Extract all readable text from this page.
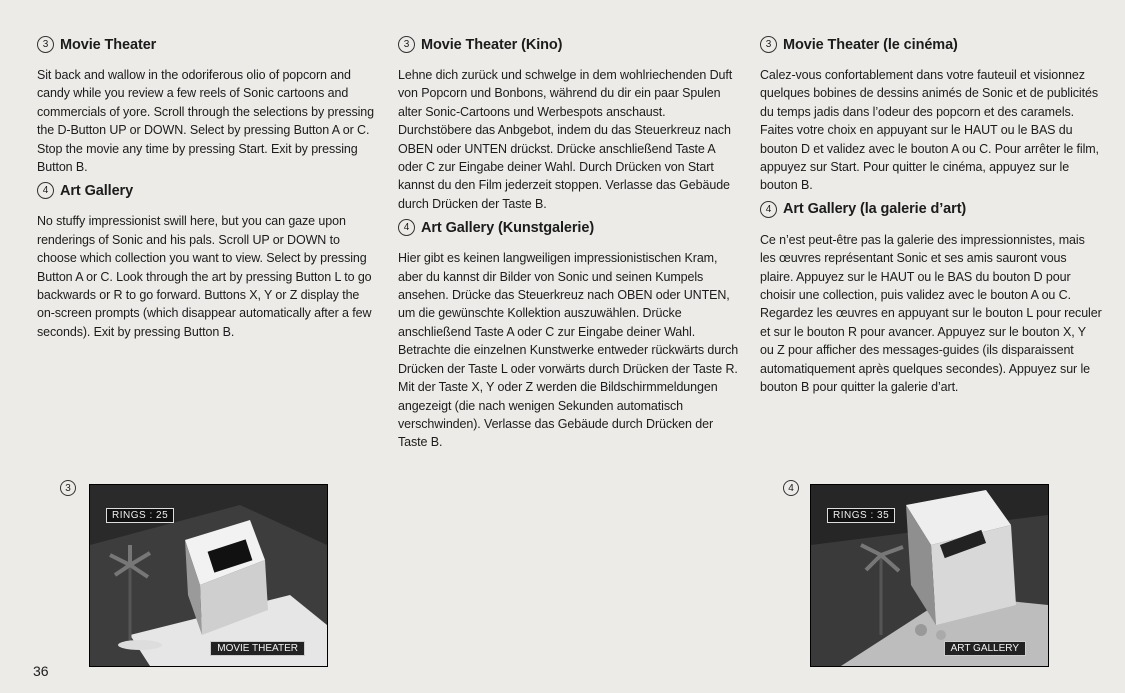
3 Movie Theater

Sit back and wallow in the odoriferous olio of popcorn and candy while you review a few reels of Sonic cartoons and commercials of yore. Scroll through the selections by pressing the D-Button UP or DOWN. Select by pressing Button A or C. Stop the movie any time by pressing Start. Exit by pressing Button B.

4 Art Gallery

No stuffy impressionist swill here, but you can gaze upon renderings of Sonic and his pals. Scroll UP or DOWN to choose which collection you want to view. Select by pressing Button A or C. Look through the art by pressing Button L to go backwards or R to go forward. Buttons X, Y or Z display the on-screen prompts (which disappear automatically after a few seconds). Exit by pressing Button B.

3 Movie Theater (Kino)

Lehne dich zurück und schwelge in dem wohlriechenden Duft von Popcorn und Bonbons, während du dir ein paar Spulen alter Sonic-Cartoons und Werbespots anschaust. Durchstöbere das Anbgebot, indem du das Steuerkreuz nach OBEN oder UNTEN drückst. Drücke anschließend Taste A oder C zur Eingabe deiner Wahl. Durch Drücken von Start kannst du den Film jederzeit stoppen. Verlasse das Gebäude durch Drücken der Taste B.

4 Art Gallery (Kunstgalerie)

Hier gibt es keinen langweiligen impressionistischen Kram, aber du kannst dir Bilder von Sonic und seinen Kumpels ansehen. Drücke das Steuerkreuz nach OBEN oder UNTEN, um die gewünschte Kollektion auszuwählen. Drücke anschließend Taste A oder C zur Eingabe deiner Wahl. Betrachte die einzelnen Kunstwerke entweder rückwärts durch Drücken der Taste L oder vorwärts durch Drücken der Taste R. Mit der Taste X, Y oder Z werden die Bildschirmmeldungen angezeigt (die nach wenigen Sekunden automatisch verschwinden). Verlasse das Gebäude durch Drücken der Taste B.

3 Movie Theater (le cinéma)

Calez-vous confortablement dans votre fauteuil et visionnez quelques bobines de dessins animés de Sonic et de publicités du temps jadis dans l’odeur des popcorn et des caramels. Faites votre choix en appuyant sur le HAUT ou le BAS du bouton D et validez avec le bouton A ou C. Pour arrêter le film, appuyez sur Start. Pour quitter le cinéma, appuyez sur le bouton B.

4 Art Gallery (la galerie d’art)

Ce n’est peut-être pas la galerie des impressionnistes, mais les œuvres représentant Sonic et ses amis sauront vous plaire. Appuyez sur le HAUT ou le BAS du bouton D pour choisir une collection, puis validez avec le bouton A ou C. Regardez les œuvres en appuyant sur le bouton L pour reculer et sur le bouton R pour avancer. Appuyez sur le bouton X, Y ou Z pour afficher des messages-guides (ils disparaissent automatiquement après quelques secondes). Appuyez sur le bouton B pour quitter la galerie d’art.

3	4
RINGS : 25
MOVIE THEATER
RINGS : 35
ART GALLERY
36
